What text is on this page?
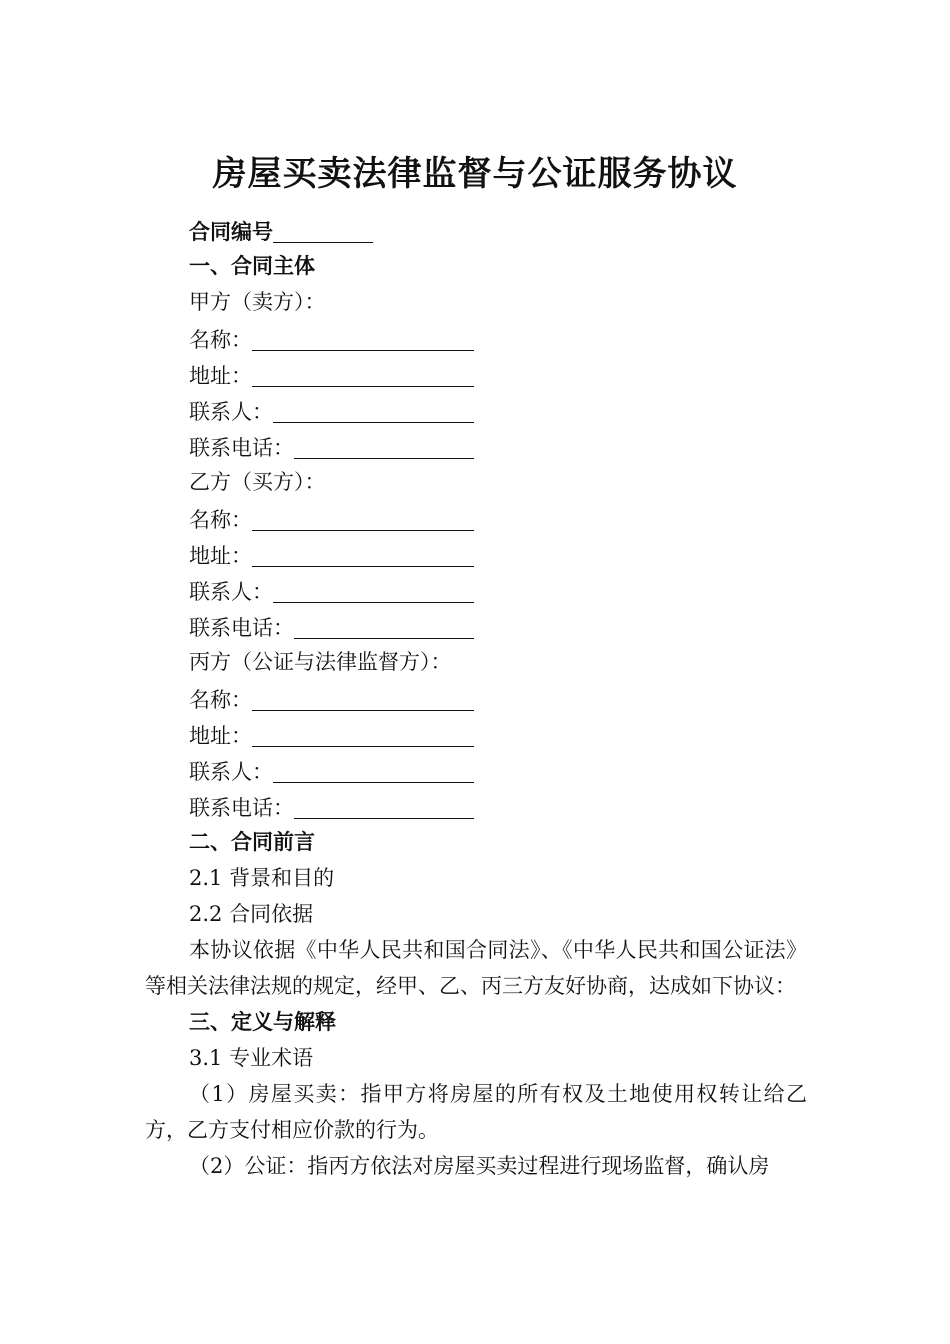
房屋买卖法律监督与公证服务协议
合同编号
一、合同主体
甲方（卖方）：
名称：
地址：
联系人：
联系电话：
乙方（买方）：
名称：
地址：
联系人：
联系电话：
丙方（公证与法律监督方）：
名称：
地址：
联系人：
联系电话：
二、合同前言
2.1 背景和目的
2.2 合同依据

本协议依据《中华人民共和国合同法》、《中华人民共和国公证法》等相关法律法规的规定，经甲、乙、丙三方友好协商，达成如下协议：

三、定义与解释
3.1 专业术语

（1）房屋买卖：指甲方将房屋的所有权及土地使用权转让给乙方，乙方支付相应价款的行为。

（2）公证：指丙方依法对房屋买卖过程进行现场监督，确认房
